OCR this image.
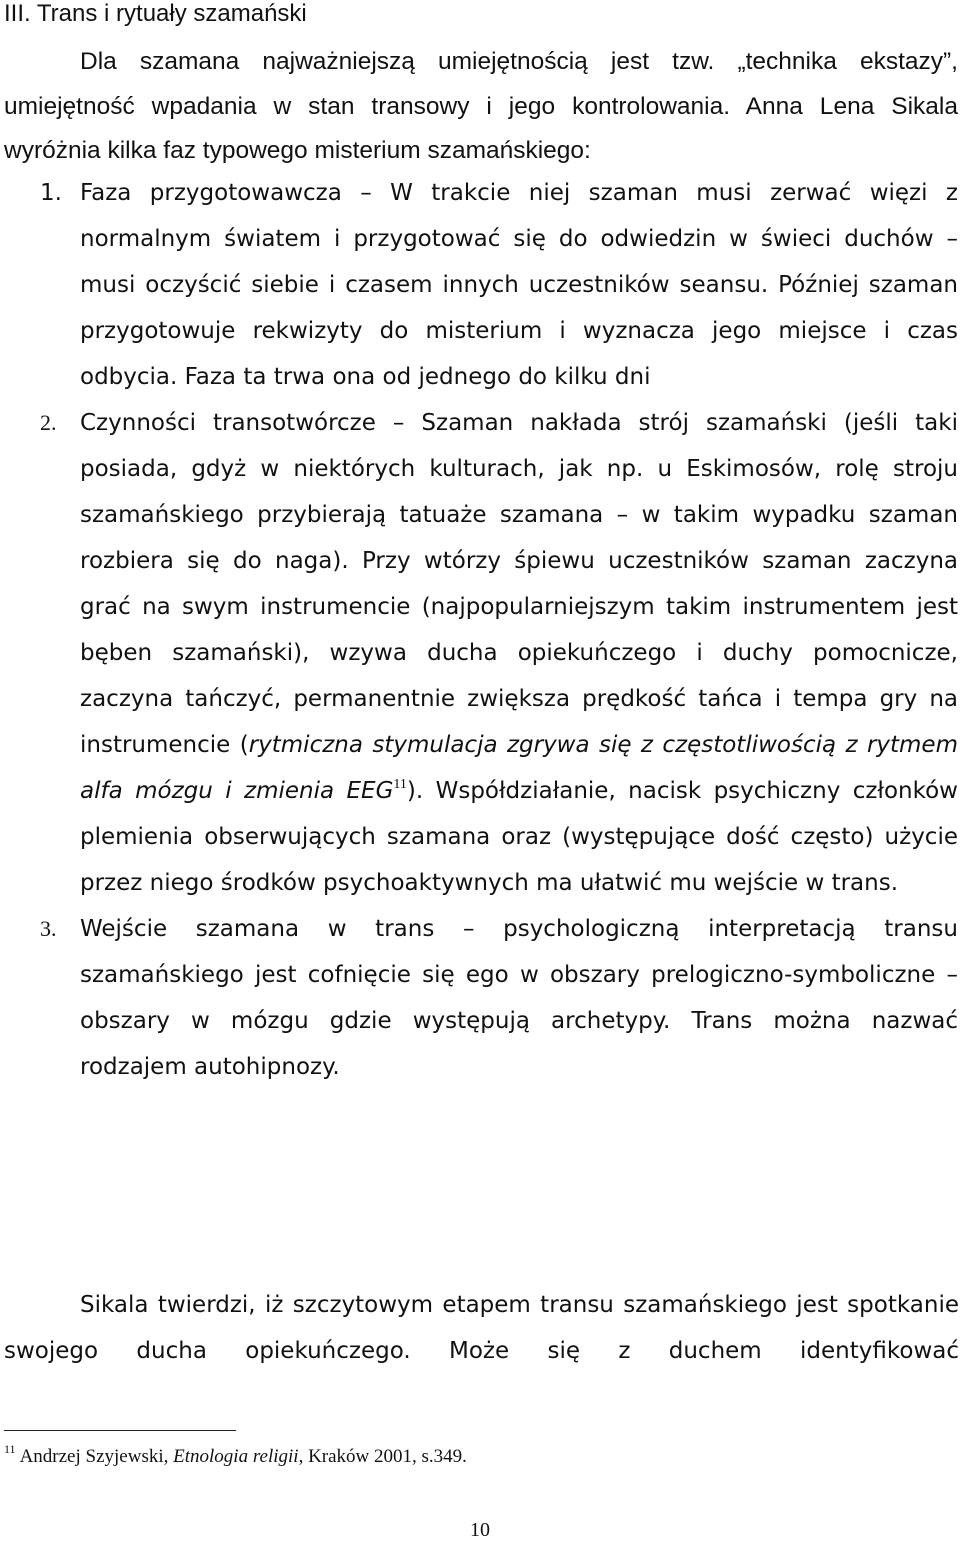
III. Trans i rytuały szamański

Dla szamana najważniejszą umiejętnością jest tzw. „technika ekstazy”, umiejętność wpadania w stan transowy i jego kontrolowania. Anna Lena Sikala wyróżnia kilka faz typowego misterium szamańskiego:

1. Faza przygotowawcza – W trakcie niej szaman musi zerwać więzi z normalnym światem i przygotować się do odwiedzin w świeci duchów – musi oczyścić siebie i czasem innych uczestników seansu. Później szaman przygotowuje rekwizyty do misterium i wyznacza jego miejsce i czas odbycia. Faza ta trwa ona od jednego do kilku dni
2. Czynności transotwórcze – Szaman nakłada strój szamański (jeśli taki posiada, gdyż w niektórych kulturach, jak np. u Eskimosów, rolę stroju szamańskiego przybierają tatuaże szamana – w takim wypadku szaman rozbiera się do naga). Przy wtórzy śpiewu uczestników szaman zaczyna grać na swym instrumencie (najpopularniejszym takim instrumentem jest bęben szamański), wzywa ducha opiekuńczego i duchy pomocnicze, zaczyna tańczyć, permanentnie zwiększa prędkość tańca i tempa gry na instrumencie (rytmiczna stymulacja zgrywa się z częstotliwością z rytmem alfa mózgu i zmienia EEG$^{11}$). Współdziałanie, nacisk psychiczny członków plemienia obserwujących szamana oraz (występujące dość często) użycie przez niego środków psychoaktywnych ma ułatwić mu wejście w trans.
3. Wejście szamana w trans – psychologiczną interpretacją transu szamańskiego jest cofnięcie się ego w obszary prelogiczno-symboliczne – obszary w mózgu gdzie występują archetypy. Trans można nazwać rodzajem autohipnozy.

Sikala twierdzi, iż szczytowym etapem transu szamańskiego jest spotkanie swojego ducha opiekuńczego. Może się z duchem identyfikować

$^{11}$ Andrzej Szyjewski, Etnologia religii, Kraków 2001, s.349.

10
